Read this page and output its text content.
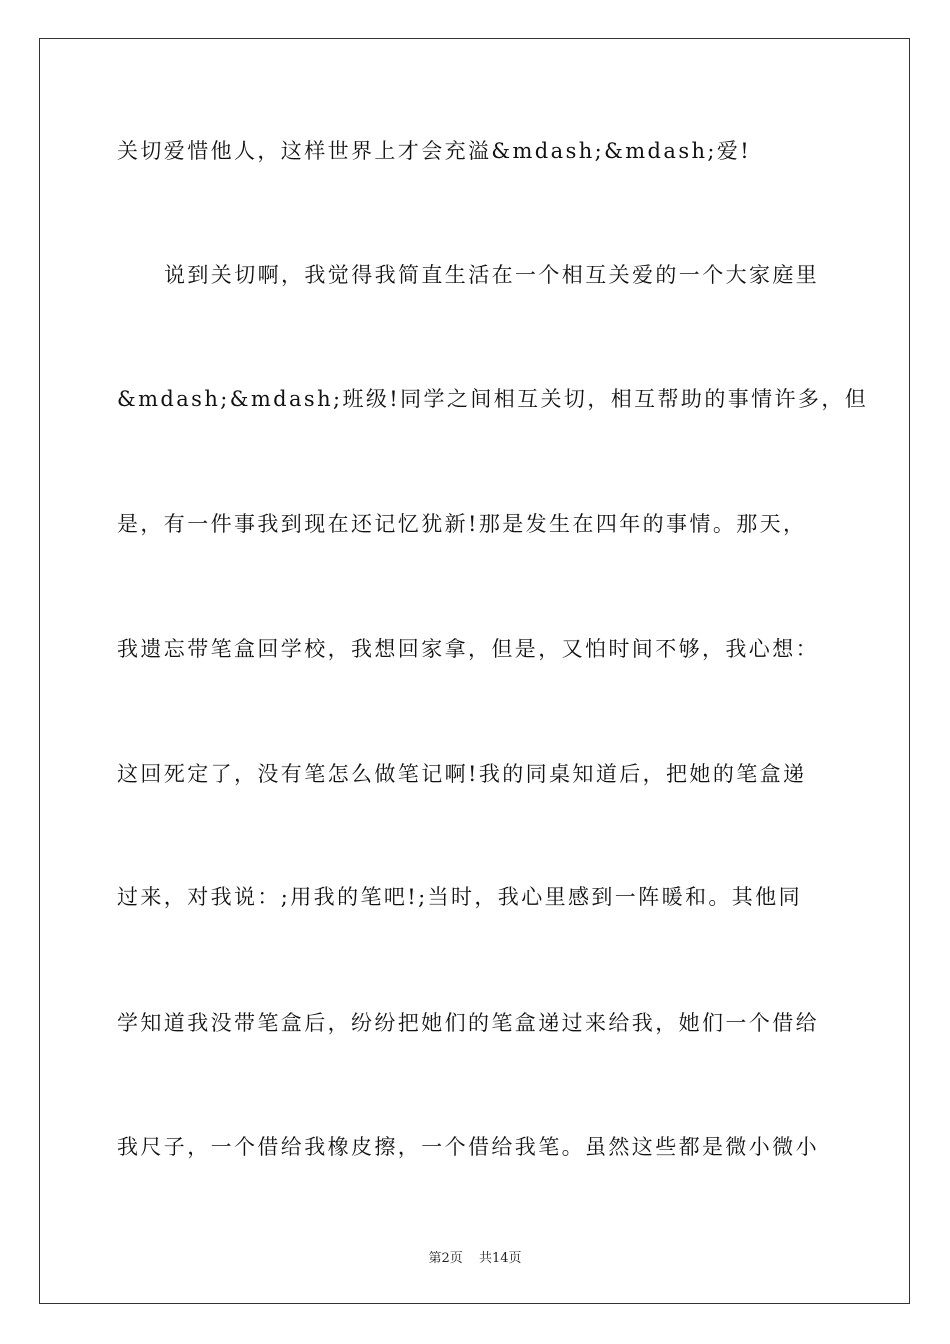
关切爱惜他人，这样世界上才会充溢&mdash;&mdash;爱!
说到关切啊，我觉得我简直生活在一个相互关爱的一个大家庭里
&mdash;&mdash;班级!同学之间相互关切，相互帮助的事情许多，但
是，有一件事我到现在还记忆犹新!那是发生在四年的事情。那天，
我遗忘带笔盒回学校，我想回家拿，但是，又怕时间不够，我心想：
这回死定了，没有笔怎么做笔记啊!我的同桌知道后，把她的笔盒递
过来，对我说：;用我的笔吧!;当时，我心里感到一阵暖和。其他同
学知道我没带笔盒后，纷纷把她们的笔盒递过来给我，她们一个借给
我尺子，一个借给我橡皮擦，一个借给我笔。虽然这些都是微小微小
第2页 共14页
